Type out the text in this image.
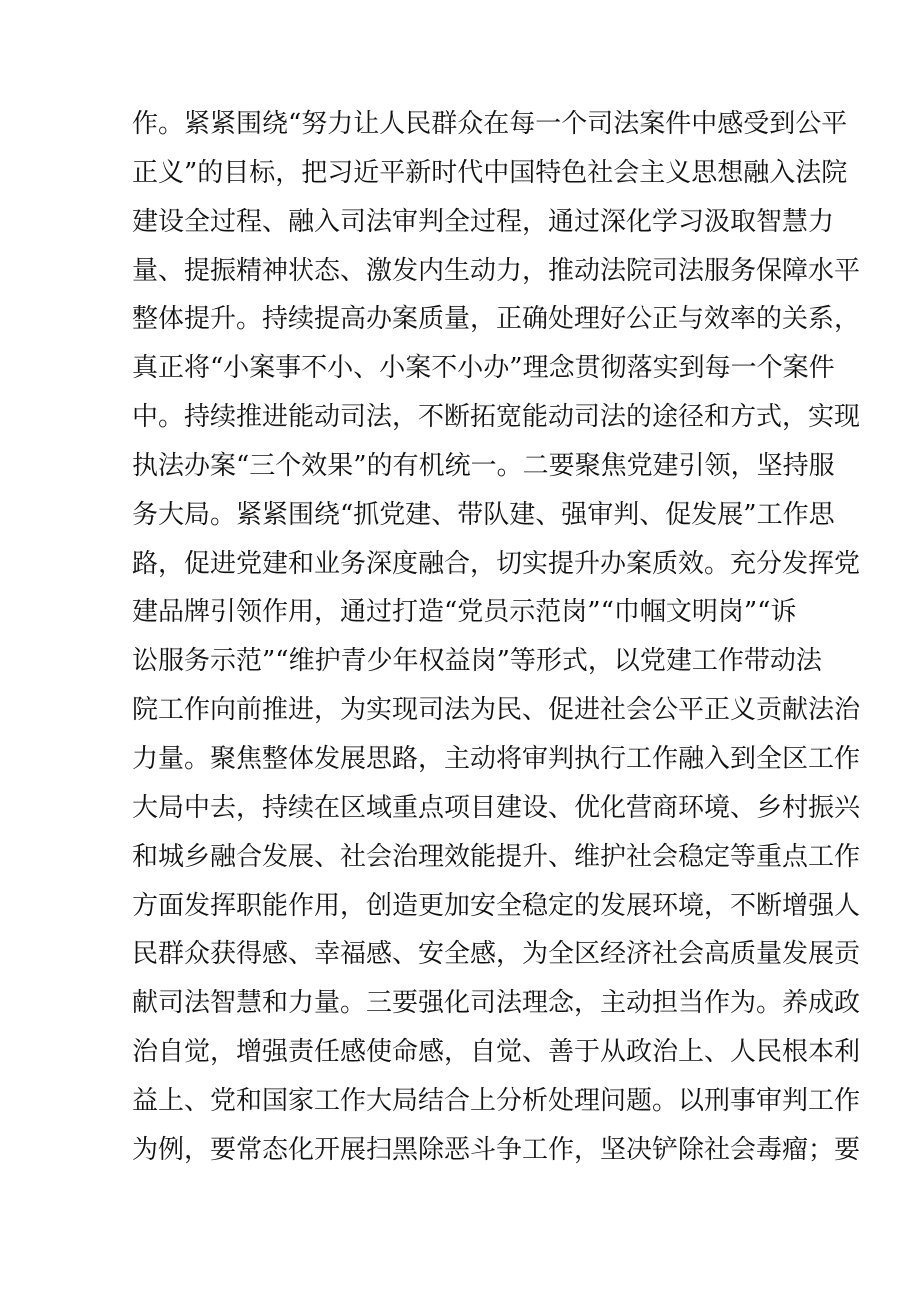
作。紧紧围绕“努力让人民群众在每一个司法案件中感受到公平
正义”的目标，把习近平新时代中国特色社会主义思想融入法院
建设全过程、融入司法审判全过程，通过深化学习汲取智慧力
量、提振精神状态、激发内生动力，推动法院司法服务保障水平
整体提升。持续提高办案质量，正确处理好公正与效率的关系，
真正将“小案事不小、小案不小办”理念贯彻落实到每一个案件
中。持续推进能动司法，不断拓宽能动司法的途径和方式，实现
执法办案“三个效果”的有机统一。二要聚焦党建引领，坚持服
务大局。紧紧围绕“抓党建、带队建、强审判、促发展”工作思
路，促进党建和业务深度融合，切实提升办案质效。充分发挥党
建品牌引领作用，通过打造“党员示范岗”“巾帼文明岗”“诉
讼服务示范”“维护青少年权益岗”等形式，以党建工作带动法
院工作向前推进，为实现司法为民、促进社会公平正义贡献法治
力量。聚焦整体发展思路，主动将审判执行工作融入到全区工作
大局中去，持续在区域重点项目建设、优化营商环境、乡村振兴
和城乡融合发展、社会治理效能提升、维护社会稳定等重点工作
方面发挥职能作用，创造更加安全稳定的发展环境，不断增强人
民群众获得感、幸福感、安全感，为全区经济社会高质量发展贡
献司法智慧和力量。三要强化司法理念，主动担当作为。养成政
治自觉，增强责任感使命感，自觉、善于从政治上、人民根本利
益上、党和国家工作大局结合上分析处理问题。以刑事审判工作
为例，要常态化开展扫黑除恶斗争工作，坚决铲除社会毒瘤；要
